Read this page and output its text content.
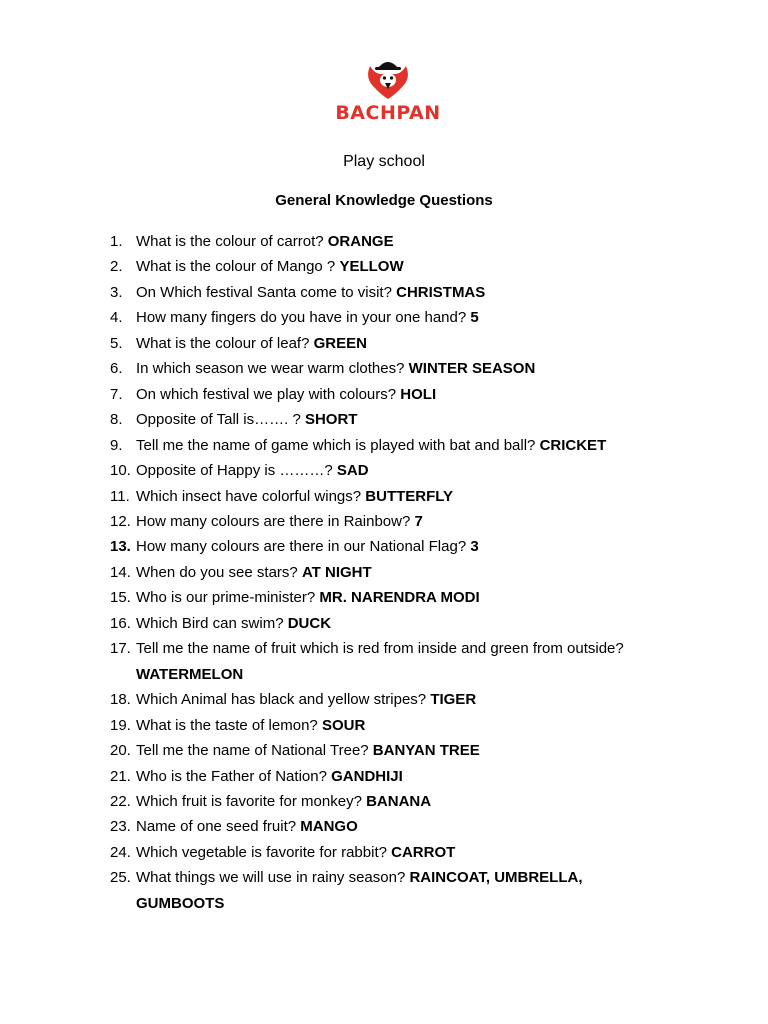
BACHPAN
Play school
General Knowledge Questions
1. What is the colour of carrot? ORANGE
2. What is the colour of Mango ? YELLOW
3. On Which festival Santa come to visit? CHRISTMAS
4. How many fingers do you have in your one hand? 5
5. What is the colour of leaf? GREEN
6. In which season we wear warm clothes? WINTER SEASON
7. On which festival we play with colours? HOLI
8. Opposite of Tall is……. ? SHORT
9. Tell me the name of game which is played with bat and ball? CRICKET
10. Opposite of Happy is ………? SAD
11. Which insect have colorful wings? BUTTERFLY
12. How many colours are there in Rainbow? 7
13. How many colours are there in our National Flag? 3
14. When do you see stars? AT NIGHT
15. Who is our prime-minister? MR. NARENDRA MODI
16. Which Bird can swim? DUCK
17. Tell me the name of fruit which is red from inside and green from outside?
WATERMELON
18. Which Animal has black and yellow stripes? TIGER
19. What is the taste of lemon? SOUR
20. Tell me the name of National Tree? BANYAN TREE
21. Who is the Father of Nation? GANDHIJI
22. Which fruit is favorite for monkey? BANANA
23. Name of one seed fruit? MANGO
24. Which vegetable is favorite for rabbit? CARROT
25. What things we will use in rainy season? RAINCOAT, UMBRELLA,
GUMBOOTS
